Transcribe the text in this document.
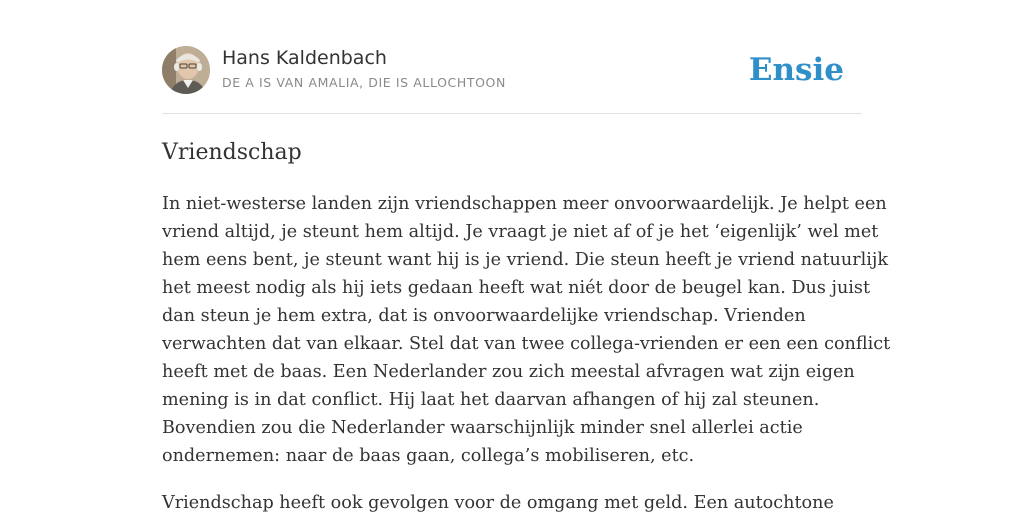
Hans Kaldenbach
DE A IS VAN AMALIA, DIE IS ALLOCHTOON	Ensie
Vriendschap
In niet-westerse landen zijn vriendschappen meer onvoorwaardelijk. Je helpt een
vriend altijd, je steunt hem altijd. Je vraagt je niet af of je het ‘eigenlijk’ wel met
hem eens bent, je steunt want hij is je vriend. Die steun heeft je vriend natuurlijk
het meest nodig als hij iets gedaan heeft wat niét door de beugel kan. Dus juist
dan steun je hem extra, dat is onvoorwaardelijke vriendschap. Vrienden
verwachten dat van elkaar. Stel dat van twee collega-vrienden er een een conflict
heeft met de baas. Een Nederlander zou zich meestal afvragen wat zijn eigen
mening is in dat conflict. Hij laat het daarvan afhangen of hij zal steunen.
Bovendien zou die Nederlander waarschijnlijk minder snel allerlei actie
ondernemen: naar de baas gaan, collega’s mobiliseren, etc.
Vriendschap heeft ook gevolgen voor de omgang met geld. Een autochtone
